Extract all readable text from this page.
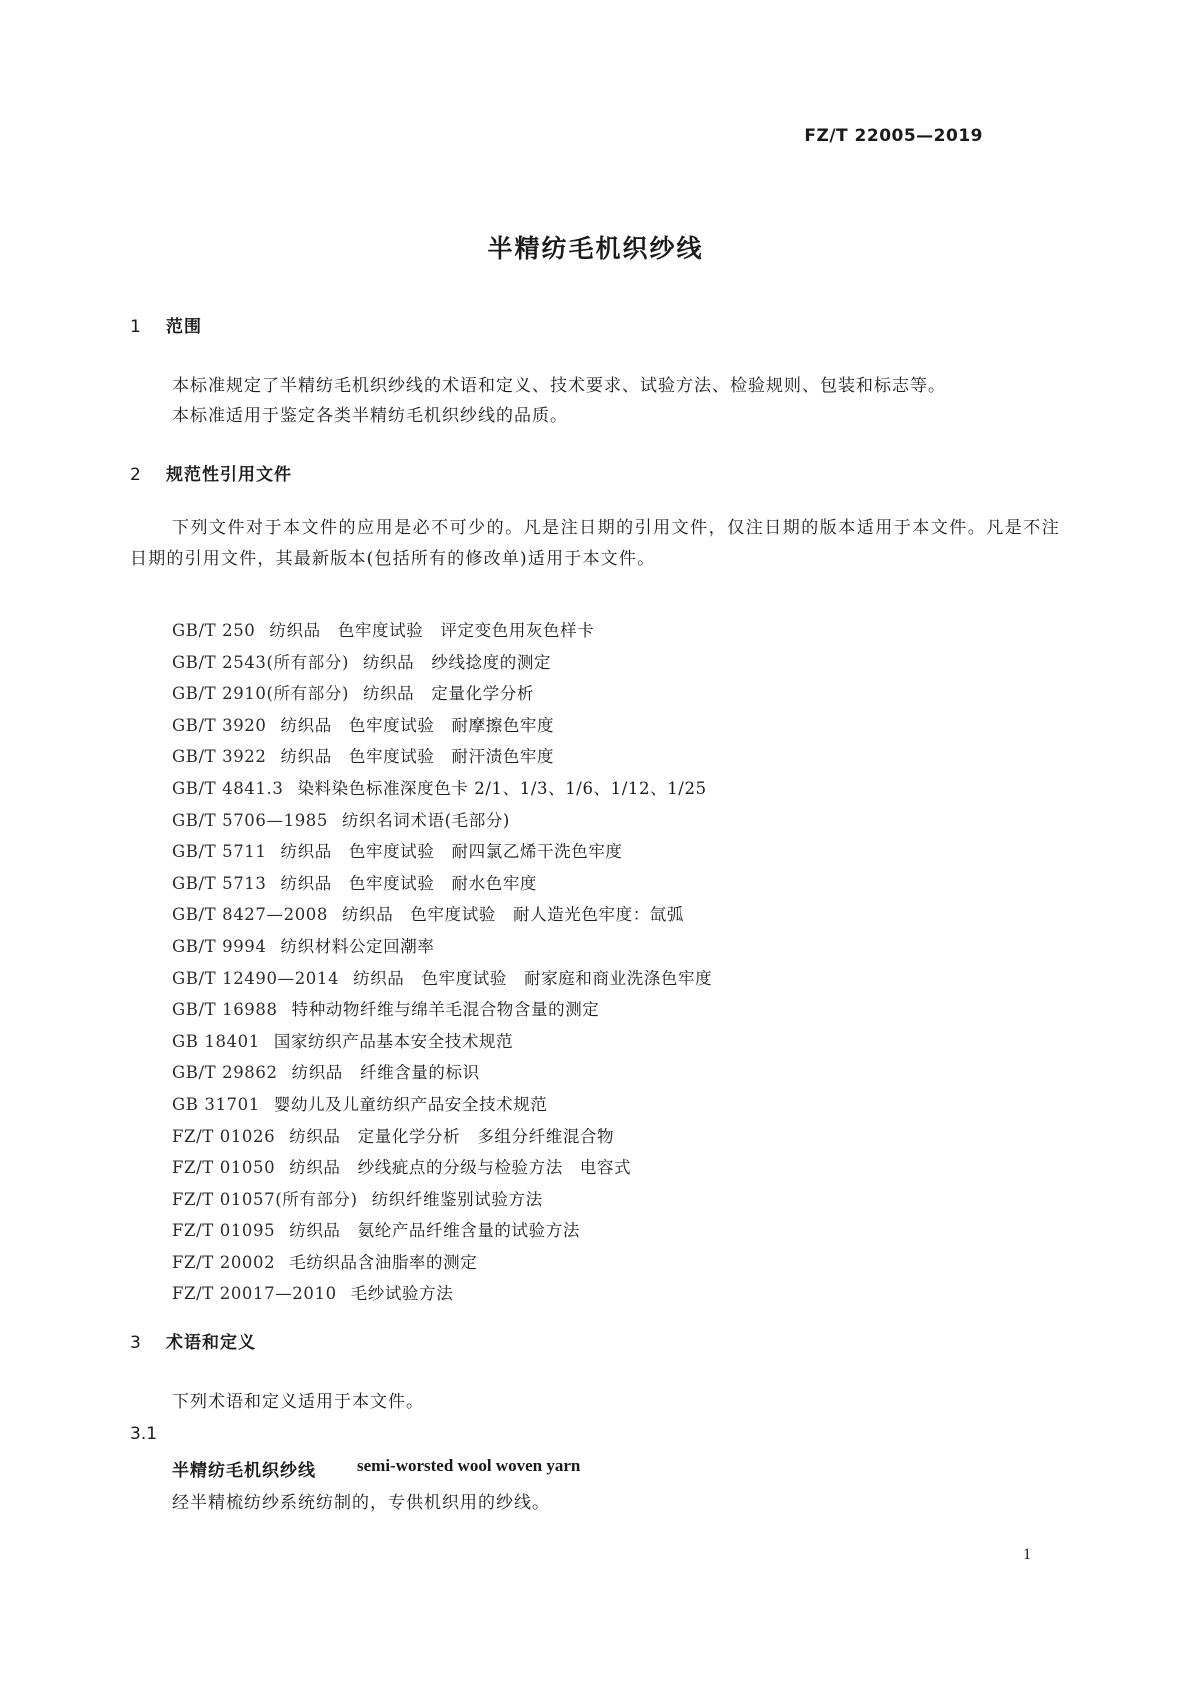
FZ/T 22005—2019
半精纺毛机织纱线
1 范围
本标准规定了半精纺毛机织纱线的术语和定义、技术要求、试验方法、检验规则、包装和标志等。
本标准适用于鉴定各类半精纺毛机织纱线的品质。
2 规范性引用文件
下列文件对于本文件的应用是必不可少的。凡是注日期的引用文件，仅注日期的版本适用于本文件。凡是不注日期的引用文件，其最新版本(包括所有的修改单)适用于本文件。
GB/T 250 纺织品　色牢度试验　评定变色用灰色样卡
GB/T 2543(所有部分) 纺织品　纱线捻度的测定
GB/T 2910(所有部分) 纺织品　定量化学分析
GB/T 3920 纺织品　色牢度试验　耐摩擦色牢度
GB/T 3922 纺织品　色牢度试验　耐汗渍色牢度
GB/T 4841.3 染料染色标准深度色卡 2/1、1/3、1/6、1/12、1/25
GB/T 5706—1985 纺织名词术语(毛部分)
GB/T 5711 纺织品　色牢度试验　耐四氯乙烯干洗色牢度
GB/T 5713 纺织品　色牢度试验　耐水色牢度
GB/T 8427—2008 纺织品　色牢度试验　耐人造光色牢度：氙弧
GB/T 9994 纺织材料公定回潮率
GB/T 12490—2014 纺织品　色牢度试验　耐家庭和商业洗涤色牢度
GB/T 16988 特种动物纤维与绵羊毛混合物含量的测定
GB 18401 国家纺织产品基本安全技术规范
GB/T 29862 纺织品　纤维含量的标识
GB 31701 婴幼儿及儿童纺织产品安全技术规范
FZ/T 01026 纺织品　定量化学分析　多组分纤维混合物
FZ/T 01050 纺织品　纱线疵点的分级与检验方法　电容式
FZ/T 01057(所有部分) 纺织纤维鉴别试验方法
FZ/T 01095 纺织品　氨纶产品纤维含量的试验方法
FZ/T 20002 毛纺织品含油脂率的测定
FZ/T 20017—2010 毛纱试验方法
3 术语和定义
下列术语和定义适用于本文件。
3.1
半精纺毛机织纱线 semi-worsted wool woven yarn
经半精梳纺纱系统纺制的，专供机织用的纱线。
1
